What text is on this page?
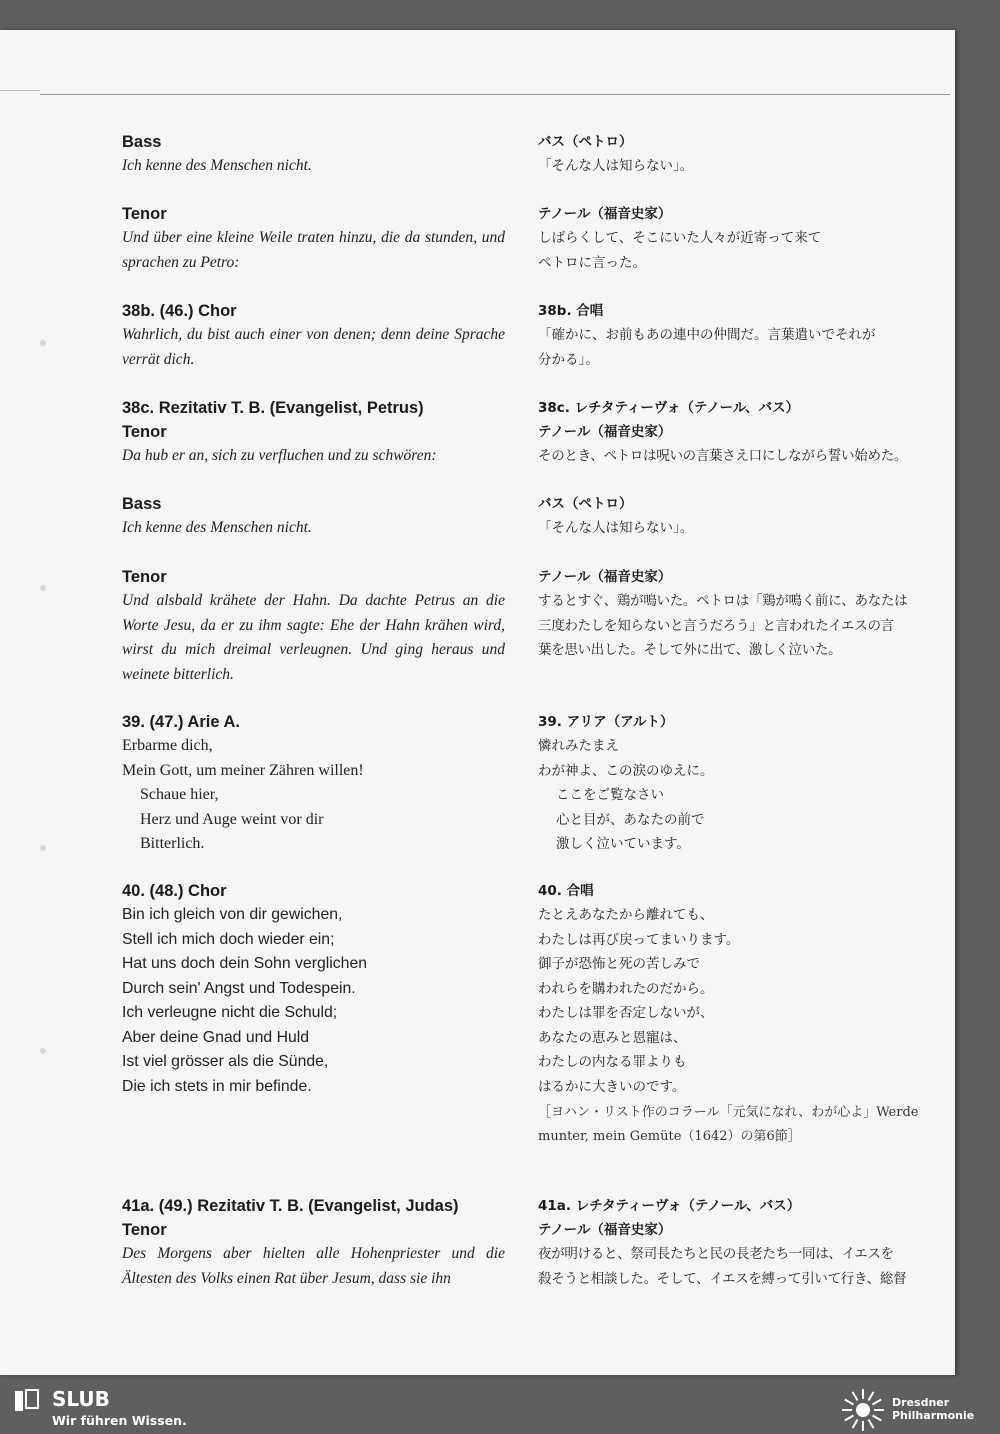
Bass

Ich kenne des Menschen nicht.

Tenor

Und über eine kleine Weile traten hinzu, die da stunden, und sprachen zu Petro:

38b. (46.) Chor

Wahrlich, du bist auch einer von denen; denn deine Sprache verrät dich.

38c. Rezitativ T. B. (Evangelist, Petrus)

Tenor

Da hub er an, sich zu verfluchen und zu schwören:

Bass

Ich kenne des Menschen nicht.

Tenor

Und alsbald krähete der Hahn. Da dachte Petrus an die Worte Jesu, da er zu ihm sagte: Ehe der Hahn krähen wird, wirst du mich dreimal verleugnen. Und ging heraus und weinete bitterlich.

39. (47.) Arie A.

Erbarme dich,
Mein Gott, um meiner Zähren willen!
Schaue hier,
Herz und Auge weint vor dir
Bitterlich.

40. (48.) Chor

Bin ich gleich von dir gewichen,
Stell ich mich doch wieder ein;
Hat uns doch dein Sohn verglichen
Durch sein' Angst und Todespein.
Ich verleugne nicht die Schuld;
Aber deine Gnad und Huld
Ist viel grösser als die Sünde,
Die ich stets in mir befinde.

41a. (49.) Rezitativ T. B. (Evangelist, Judas)

Tenor

Des Morgens aber hielten alle Hohenpriester und die Ältesten des Volks einen Rat über Jesum, dass sie ihn

バス（ペトロ）

「そんな人は知らない」。

テノール（福音史家）

しばらくして、そこにいた人々が近寄って来て
ペトロに言った。

38b. 合唱

「確かに、お前もあの連中の仲間だ。言葉遣いでそれが
分かる」。

38c. レチタティーヴォ（テノール、バス）

テノール（福音史家）

そのとき、ペトロは呪いの言葉さえ口にしながら誓い始めた。

バス（ペトロ）

「そんな人は知らない」。

テノール（福音史家）

するとすぐ、鶏が鳴いた。ペトロは「鶏が鳴く前に、あなたは
三度わたしを知らないと言うだろう」と言われたイエスの言
葉を思い出した。そして外に出て、激しく泣いた。

39. アリア（アルト）

憐れみたまえ
わが神よ、この涙のゆえに。
ここをご覧なさい
心と目が、あなたの前で
激しく泣いています。

40. 合唱

たとえあなたから離れても、
わたしは再び戻ってまいります。
御子が恐怖と死の苦しみで
われらを購われたのだから。
わたしは罪を否定しないが、
あなたの恵みと恩寵は、
わたしの内なる罪よりも
はるかに大きいのです。
［ヨハン・リスト作のコラール「元気になれ、わが心よ」Werde
munter, mein Gemüte（1642）の第6節］

41a. レチタティーヴォ（テノール、バス）

テノール（福音史家）

夜が明けると、祭司長たちと民の長老たち一同は、イエスを
殺そうと相談した。そして、イエスを縛って引いて行き、総督
SLUB
Wir führen Wissen.
Dresdner
Philharmonie
